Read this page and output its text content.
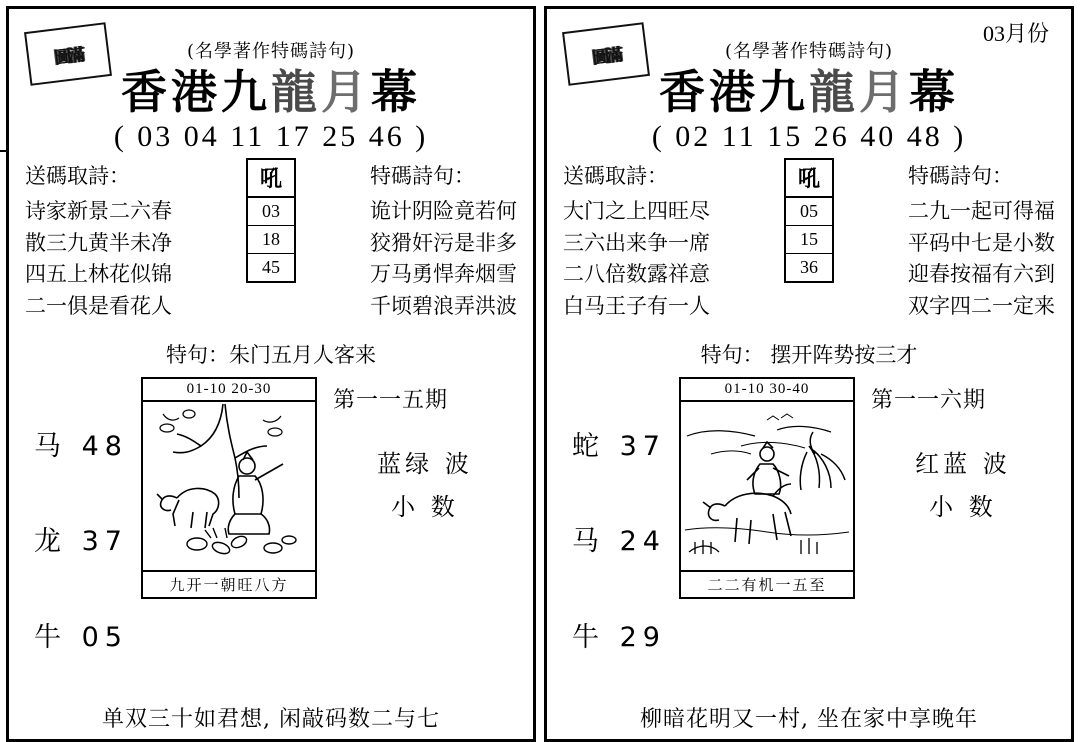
圖滿	(名學著作特碼詩句)
香港九龍月幕
( 03 04 11 17 25 46 )
送碼取詩：
诗家新景二六春
散三九黄半未净
四五上林花似锦
二一俱是看花人
吼
03
18
45
特碼詩句：
诡计阴险竟若何
狡猾奸污是非多
万马勇悍奔烟雪
千顷碧浪弄洪波
特句：朱门五月人客来
马 48
龙 37
牛 05
01-10 20-30
九开一朝旺八方
第一一五期
蓝绿 波
小 数
单双三十如君想, 闲敲码数二与七
圖滿
03月份
(名學著作特碼詩句)
香港九龍月幕
( 02 11 15 26 40 48 )
送碼取詩：
大门之上四旺尽
三六出来争一席
二八倍数露祥意
白马王子有一人
吼
05
15
36
特碼詩句：
二九一起可得福
平码中七是小数
迎春按福有六到
双字四二一定来
特句： 摆开阵势按三才
蛇 37
马 24
牛 29
01-10 30-40
二二有机一五至
第一一六期
红蓝 波
小 数
柳暗花明又一村, 坐在家中享晚年
